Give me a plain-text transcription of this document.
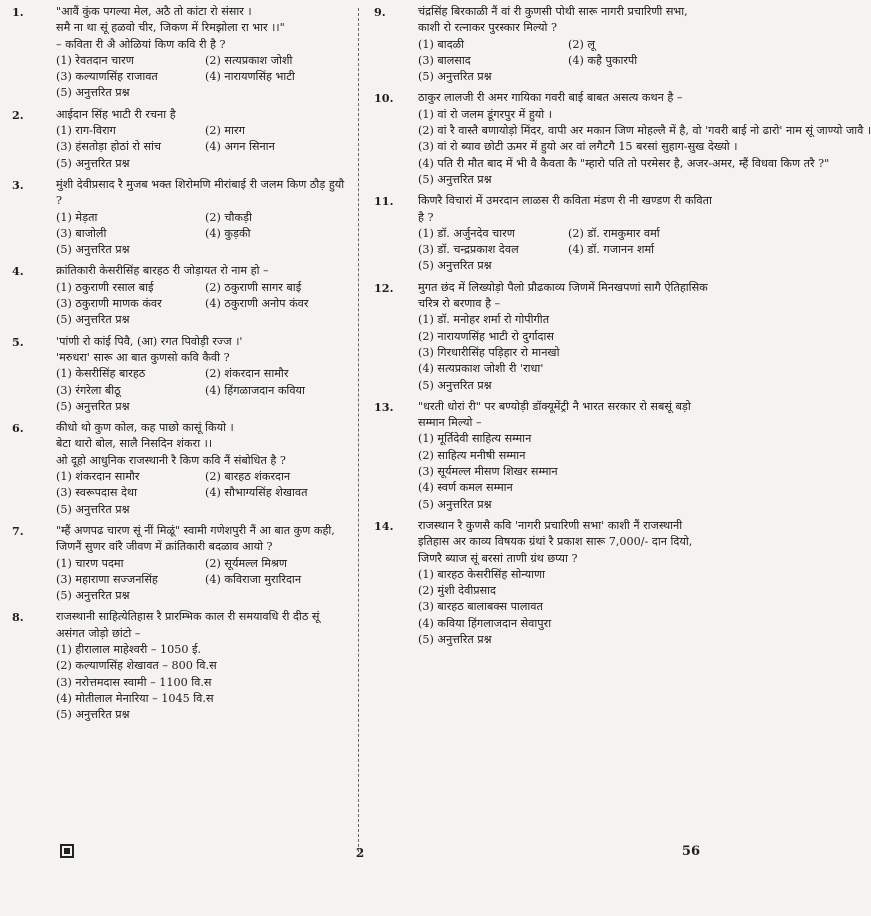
1.	"आवैं कुंक पगल्या मेल, अठै तो कांटा रो संसार ।
समै ना था सूं हळवो चीर, जिकण में रिमझोला रा भार ।।"
– कविता री अै ओळियां किण कवि री है ?
(1) रेवतदान चारण	(2) सत्यप्रकाश जोशी
(3) कल्याणसिंह राजावत	(4) नारायणसिंह भाटी
(5) अनुत्तरित प्रश्न
2.	आईदान सिंह भाटी री रचना है
(1) राग-विराग	(2) मारग
(3) हंसतोड़ा होठां रो सांच	(4) अगन सिनान
(5) अनुत्तरित प्रश्न
3.	मुंशी देवीप्रसाद रै मुजब भक्त शिरोमणि मीरांबाई री जलम किण ठौड़ हुयौ ?
(1) मेड़ता	(2) चौकड़ी
(3) बाजोली	(4) कुड़की
(5) अनुत्तरित प्रश्न
4.	क्रांतिकारी केसरीसिंह बारहठ री जोड़ायत रो नाम हो –
(1) ठकुराणी रसाल बाई	(2) ठकुराणी सागर बाई
(3) ठकुराणी माणक कंवर	(4) ठकुराणी अनोप कंवर
(5) अनुत्तरित प्रश्न
5.	'पांणी रो कांई पिवै, (आ) रगत पिवोड़ी रज्ज ।'
'मरुधरा' सारू आ बात कुणसो कवि कैवी ?
(1) केसरीसिंह बारहठ	(2) शंकरदान सामौर
(3) रंगरेला बीठू	(4) हिंगळाजदान कविया
(5) अनुत्तरित प्रश्न
6.	कीधो थो कुण कोल, कह पाछो कासूं कियो ।
बेटा थारो बोल, सालै निसदिन शंकरा ।।
ओ दूहो आधुनिक राजस्थानी रै किण कवि नैं संबोधित है ?
(1) शंकरदान सामौर	(2) बारहठ शंकरदान
(3) स्वरूपदास देथा	(4) सौभाग्यसिंह शेखावत
(5) अनुत्तरित प्रश्न
7.	"म्हैं अणपढ चारण सूं नीं मिळूं" स्वामी गणेशपुरी नैं आ बात कुण कही, जिणनैं सुणर वांरै जीवण में क्रांतिकारी बदळाव आयो ?
(1) चारण पदमा	(2) सूर्यमल्ल मिश्रण
(3) महाराणा सज्जनसिंह	(4) कविराजा मुरारिदान
(5) अनुत्तरित प्रश्न
8.	राजस्थानी साहित्येतिहास रै प्रारम्भिक काल री समयावधि री दीठ सूं असंगत जोड़ो छांटो –
(1) हीरालाल माहेश्वरी – 1050 ई.
(2) कल्याणसिंह शेखावत – 800 वि.स
(3) नरोत्तमदास स्वामी – 1100 वि.स
(4) मोतीलाल मेनारिया – 1045 वि.स
(5) अनुत्तरित प्रश्न
9.	चंद्रसिंह बिरकाळी नैं वां री कुणसी पोथी सारू नागरी प्रचारिणी सभा, काशी रो रत्नाकर पुरस्कार मिल्यो ?
(1) बादळी	(2) लू
(3) बालसाद	(4) कहै पुकारपी
(5) अनुत्तरित प्रश्न
10.	ठाकुर लालजी री अमर गायिका गवरी बाई बाबत असत्य कथन है –
(1) वां रो जलम डूंगरपुर में हुयो ।
(2) वां रै वास्तै बणायोड़ो मिंदर, वापी अर मकान जिण मोहल्लै में है, वो 'गवरी बाई नो ढारो' नाम सूं जाण्यो जावै ।
(3) वां रो ब्याव छोटी ऊमर में हुयो अर वां लगैटगै 15 बरसां सुहाग-सुख देख्यो ।
(4) पति री मौत बाद में भी वै कैवता कै "म्हारो पति तो परमेसर है, अजर-अमर, म्हैं विधवा किण तरै ?"
(5) अनुत्तरित प्रश्न
11.	किणरै विचारां में उमरदान लाळस री कविता मंडण री नी खण्डण री कविता है ?
(1) डॉ. अर्जुनदेव चारण	(2) डॉ. रामकुमार वर्मा
(3) डॉ. चन्द्रप्रकाश देवल	(4) डॉ. गजानन शर्मा
(5) अनुत्तरित प्रश्न
12.	मुगत छंद में लिख्योड़ो पैलो प्रौढकाव्य जिणमें मिनखपणां सागै ऐतिहासिक चरित्र रो बरणाव है –
(1) डॉ. मनोहर शर्मा रो गोपीगीत
(2) नारायणसिंह भाटी रो दुर्गादास
(3) गिरधारीसिंह पड़िहार रो मानखो
(4) सत्यप्रकाश जोशी री 'राधा'
(5) अनुत्तरित प्रश्न
13.	"धरती धोरां री" पर बण्योड़ी डॉक्यूमेंट्री नै भारत सरकार रो सबसूं बड़ो सम्मान मिल्यो –
(1) मूर्तिदेवी साहित्य सम्मान
(2) साहित्य मनीषी सम्मान
(3) सूर्यमल्ल मीसण शिखर सम्मान
(4) स्वर्ण कमल सम्मान
(5) अनुत्तरित प्रश्न
14.	राजस्थान रै कुणसै कवि 'नागरी प्रचारिणी सभा' काशी नैं राजस्थानी इतिहास अर काव्य विषयक ग्रंथां रै प्रकाश सारू 7,000/- दान दियो, जिणरै ब्याज सूं बरसां ताणी ग्रंथ छप्या ?
(1) बारहठ केसरीसिंह सोन्याणा
(2) मुंशी देवीप्रसाद
(3) बारहठ बालाबक्स पालावत
(4) कविया हिंगलाजदान सेवापुरा
(5) अनुत्तरित प्रश्न
2	56
